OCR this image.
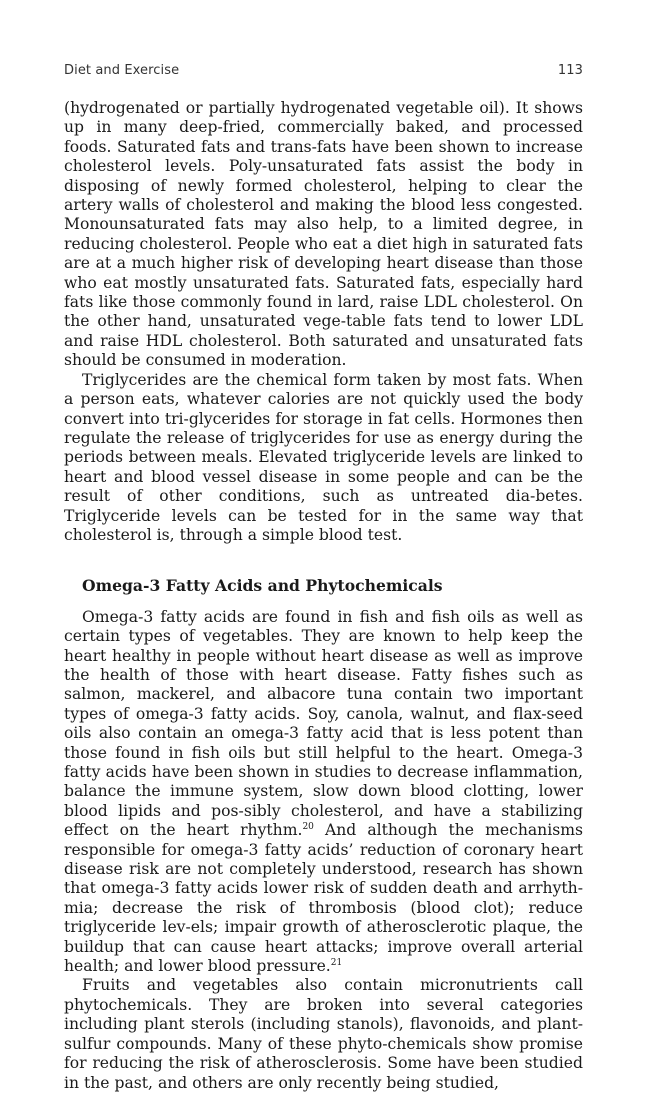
Diet and Exercise	113

(hydrogenated or partially hydrogenated vegetable oil). It shows up in many deep-fried, commercially baked, and processed foods. Saturated fats and trans-fats have been shown to increase cholesterol levels. Poly-unsaturated fats assist the body in disposing of newly formed cholesterol, helping to clear the artery walls of cholesterol and making the blood less congested. Monounsaturated fats may also help, to a limited degree, in reducing cholesterol. People who eat a diet high in saturated fats are at a much higher risk of developing heart disease than those who eat mostly unsaturated fats. Saturated fats, especially hard fats like those commonly found in lard, raise LDL cholesterol. On the other hand, unsaturated vege-table fats tend to lower LDL and raise HDL cholesterol. Both saturated and unsaturated fats should be consumed in moderation.

Triglycerides are the chemical form taken by most fats. When a person eats, whatever calories are not quickly used the body convert into tri-glycerides for storage in fat cells. Hormones then regulate the release of triglycerides for use as energy during the periods between meals. Elevated triglyceride levels are linked to heart and blood vessel disease in some people and can be the result of other conditions, such as untreated dia-betes. Triglyceride levels can be tested for in the same way that cholesterol is, through a simple blood test.

Omega-3 Fatty Acids and Phytochemicals

Omega-3 fatty acids are found in fish and fish oils as well as certain types of vegetables. They are known to help keep the heart healthy in people without heart disease as well as improve the health of those with heart disease. Fatty fishes such as salmon, mackerel, and albacore tuna contain two important types of omega-3 fatty acids. Soy, canola, walnut, and flax-seed oils also contain an omega-3 fatty acid that is less potent than those found in fish oils but still helpful to the heart. Omega-3 fatty acids have been shown in studies to decrease inflammation, balance the immune system, slow down blood clotting, lower blood lipids and pos-sibly cholesterol, and have a stabilizing effect on the heart rhythm.$^{20}$ And although the mechanisms responsible for omega-3 fatty acids’ reduction of coronary heart disease risk are not completely understood, research has shown that omega-3 fatty acids lower risk of sudden death and arrhyth-mia; decrease the risk of thrombosis (blood clot); reduce triglyceride lev-els; impair growth of atherosclerotic plaque, the buildup that can cause heart attacks; improve overall arterial health; and lower blood pressure.$^{21}$

Fruits and vegetables also contain micronutrients call phytochemicals. They are broken into several categories including plant sterols (including stanols), flavonoids, and plant-sulfur compounds. Many of these phyto-chemicals show promise for reducing the risk of atherosclerosis. Some have been studied in the past, and others are only recently being studied,
